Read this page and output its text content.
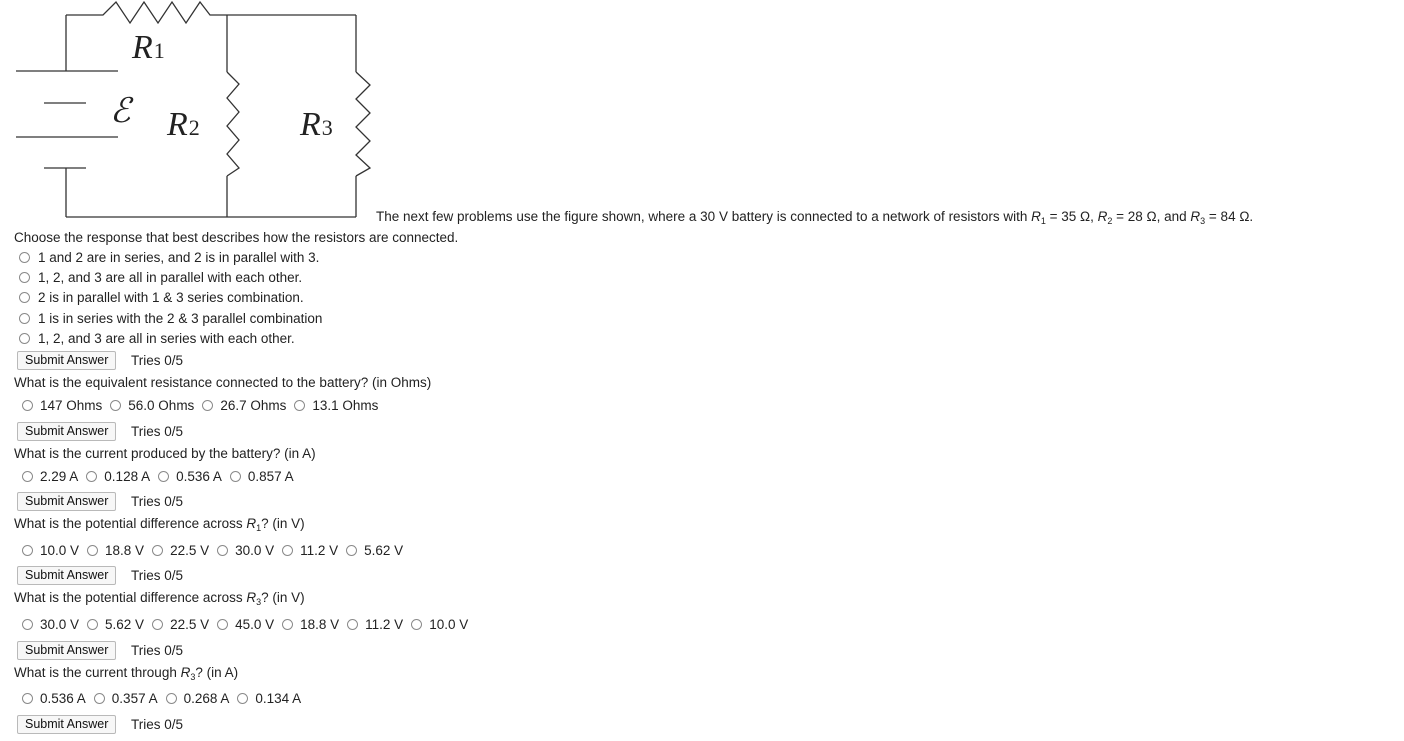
ℰ
R1
R2	R3
The next few problems use the figure shown, where a 30 V battery is connected to a network of resistors with $R_1 = 35$ Ω, $R_2 = 28$ Ω, and $R_3 = 84$ Ω.
Choose the response that best describes how the resistors are connected.
1 and 2 are in series, and 2 is in parallel with 3.
1, 2, and 3 are all in parallel with each other.
2 is in parallel with 1 & 3 series combination.
1 is in series with the 2 & 3 parallel combination
1, 2, and 3 are all in series with each other.
Submit Answer	Tries 0/5
What is the equivalent resistance connected to the battery? (in Ohms)
147 Ohms 56.0 Ohms 26.7 Ohms 13.1 Ohms
Submit Answer	Tries 0/5
What is the current produced by the battery? (in A)
2.29 A 0.128 A 0.536 A 0.857 A
Submit Answer	Tries 0/5
What is the potential difference across $R_1$? (in V)
10.0 V 18.8 V 22.5 V 30.0 V 11.2 V 5.62 V
Submit Answer	Tries 0/5
What is the potential difference across $R_3$? (in V)
30.0 V 5.62 V 22.5 V 45.0 V 18.8 V 11.2 V 10.0 V
Submit Answer	Tries 0/5
What is the current through $R_3$? (in A)
0.536 A 0.357 A 0.268 A 0.134 A
Submit Answer	Tries 0/5
